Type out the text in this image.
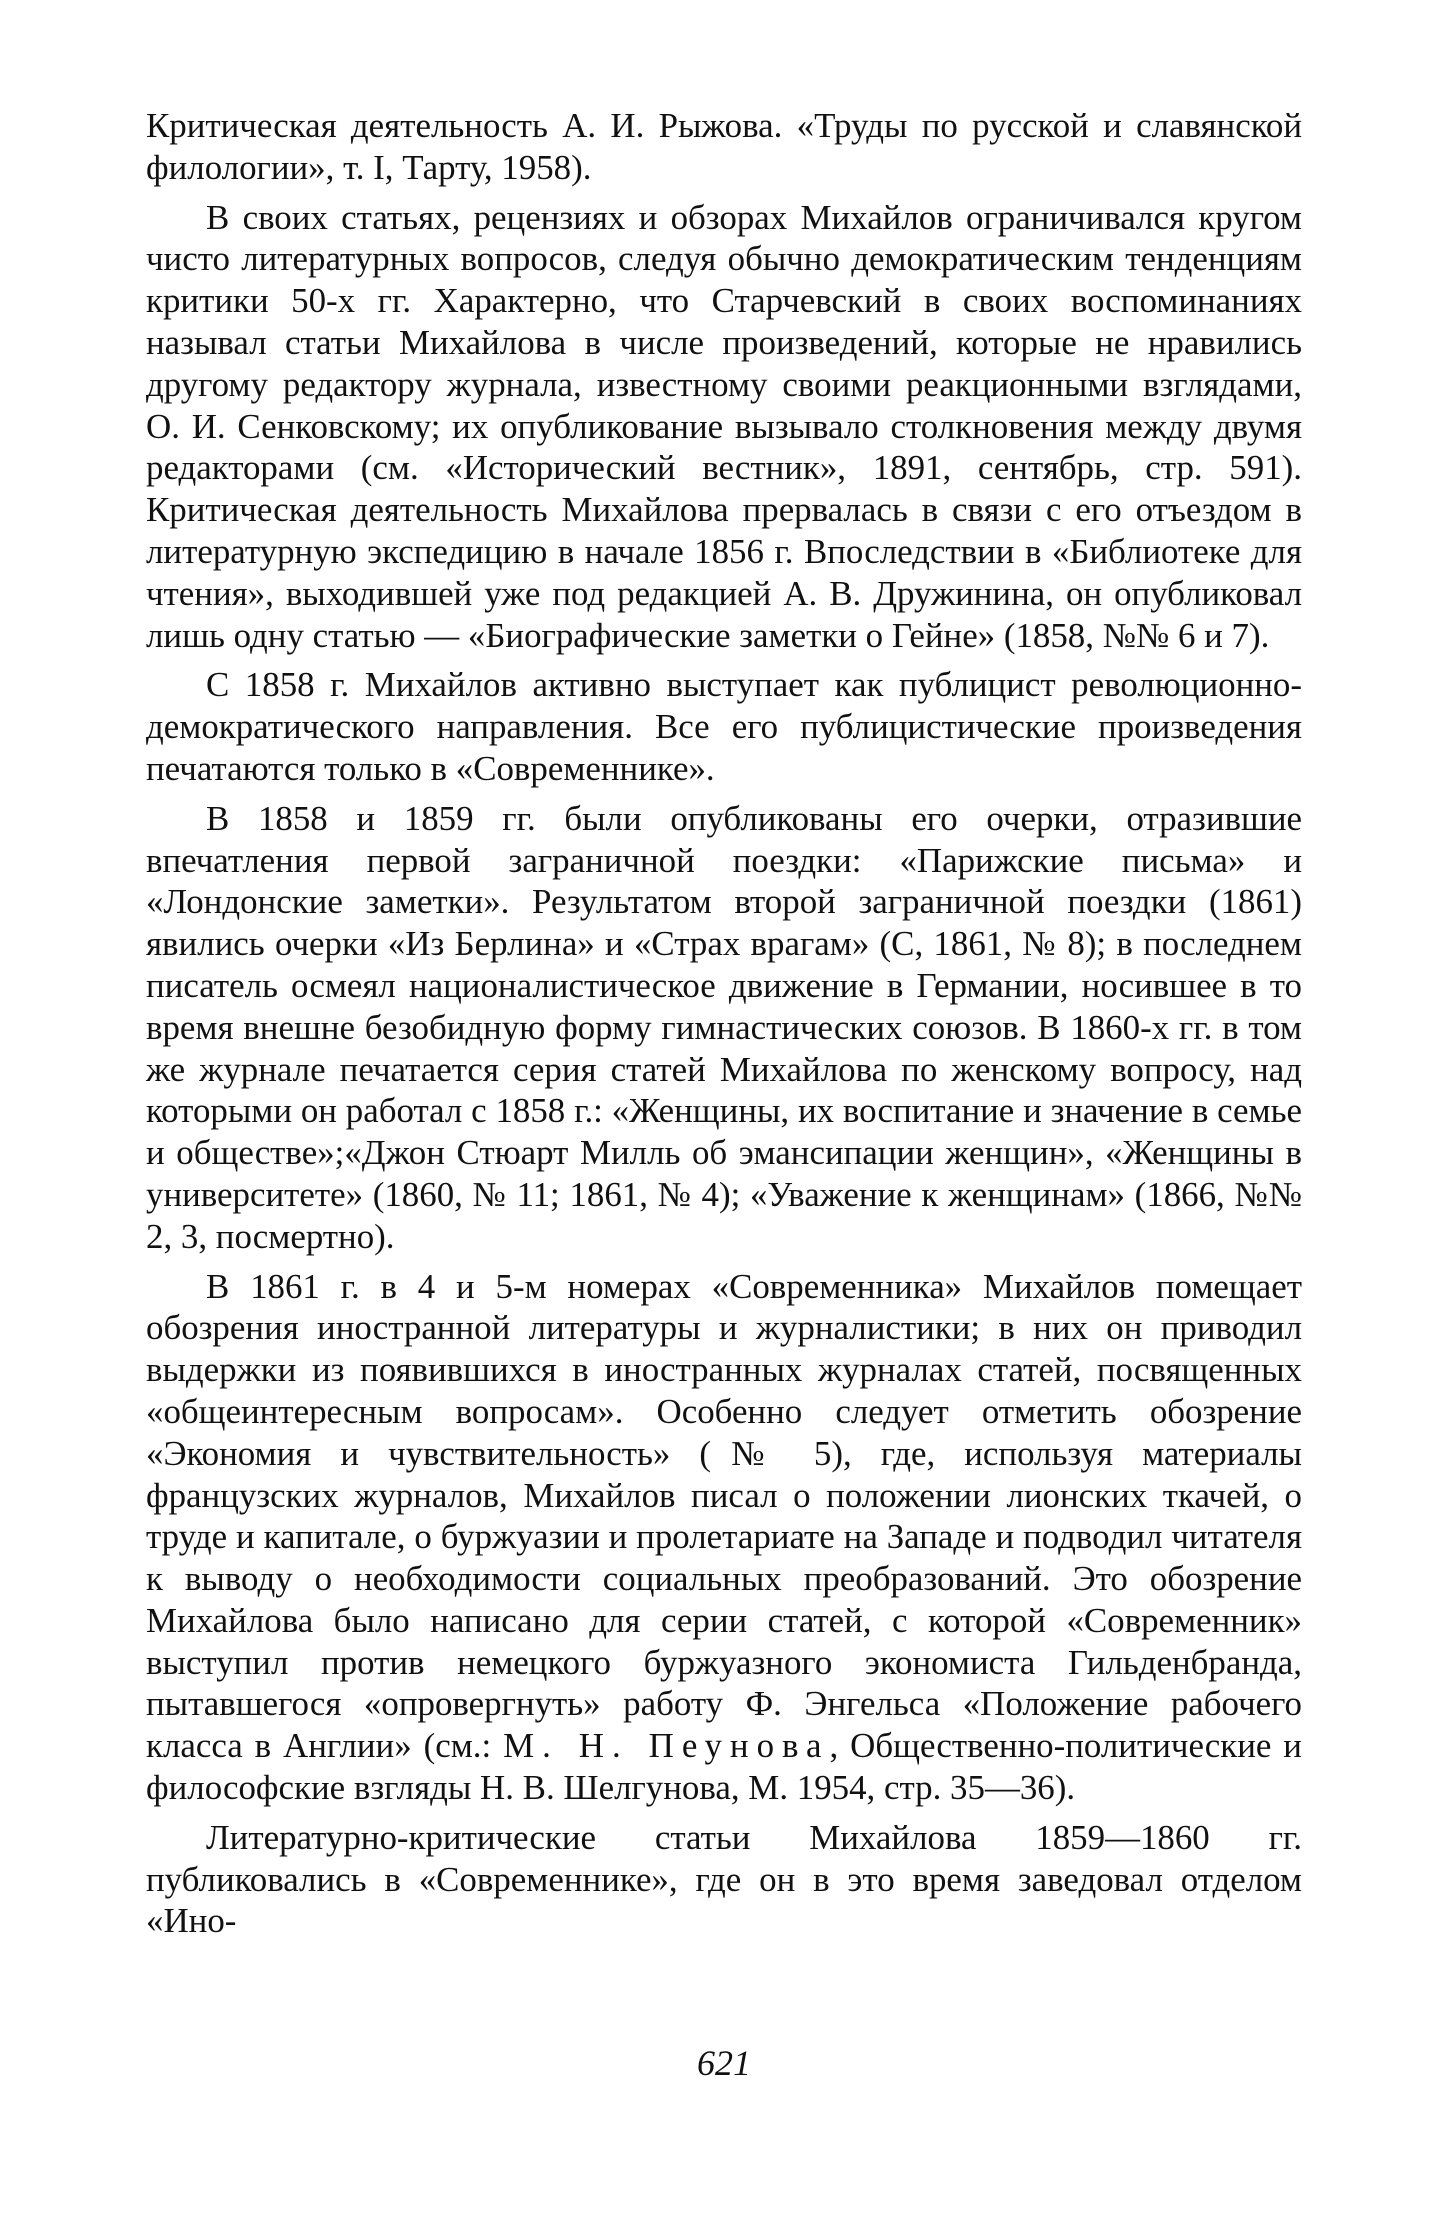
Критическая деятельность А. И. Рыжова. «Труды по русской и славянской филологии», т. I, Тарту, 1958).

В своих статьях, рецензиях и обзорах Михайлов ограничивался кругом чисто литературных вопросов, следуя обычно демократическим тенденциям критики 50-х гг. Характерно, что Старчевский в своих воспоминаниях называл статьи Михайлова в числе произведений, которые не нравились другому редактору журнала, известному своими реакционными взглядами, О. И. Сенковскому; их опубликование вызывало столкновения между двумя редакторами (см. «Исторический вестник», 1891, сентябрь, стр. 591). Критическая деятельность Михайлова прервалась в связи с его отъездом в литературную экспедицию в начале 1856 г. Впоследствии в «Библиотеке для чтения», выходившей уже под редакцией А. В. Дружинина, он опубликовал лишь одну статью — «Биографические заметки о Гейне» (1858, №№ 6 и 7).

С 1858 г. Михайлов активно выступает как публицист революционно-демократического направления. Все его публицистические произведения печатаются только в «Современнике».

В 1858 и 1859 гг. были опубликованы его очерки, отразившие впечатления первой заграничной поездки: «Парижские письма» и «Лондонские заметки». Результатом второй заграничной поездки (1861) явились очерки «Из Берлина» и «Страх врагам» (С, 1861, № 8); в последнем писатель осмеял националистическое движение в Германии, носившее в то время внешне безобидную форму гимнастических союзов. В 1860-х гг. в том же журнале печатается серия статей Михайлова по женскому вопросу, над которыми он работал с 1858 г.: «Женщины, их воспитание и значение в семье и обществе»;«Джон Стюарт Милль об эмансипации женщин», «Женщины в университете» (1860, № 11; 1861, № 4); «Уважение к женщинам» (1866, №№ 2, 3, посмертно).

В 1861 г. в 4 и 5-м номерах «Современника» Михайлов помещает обозрения иностранной литературы и журналистики; в них он приводил выдержки из появившихся в иностранных журналах статей, посвященных «общеинтересным вопросам». Особенно следует отметить обозрение «Экономия и чувствительность» (№ 5), где, используя материалы французских журналов, Михайлов писал о положении лионских ткачей, о труде и капитале, о буржуазии и пролетариате на Западе и подводил читателя к выводу о необходимости социальных преобразований. Это обозрение Михайлова было написано для серии статей, с которой «Современник» выступил против немецкого буржуазного экономиста Гильденбранда, пытавшегося «опровергнуть» работу Ф. Энгельса «Положение рабочего класса в Англии» (см.: М. Н. Пеунова, Общественно-политические и философские взгляды Н. В. Шелгунова, М. 1954, стр. 35—36).

Литературно-критические статьи Михайлова 1859—1860 гг. публиковались в «Современнике», где он в это время заведовал отделом «Ино-

621
